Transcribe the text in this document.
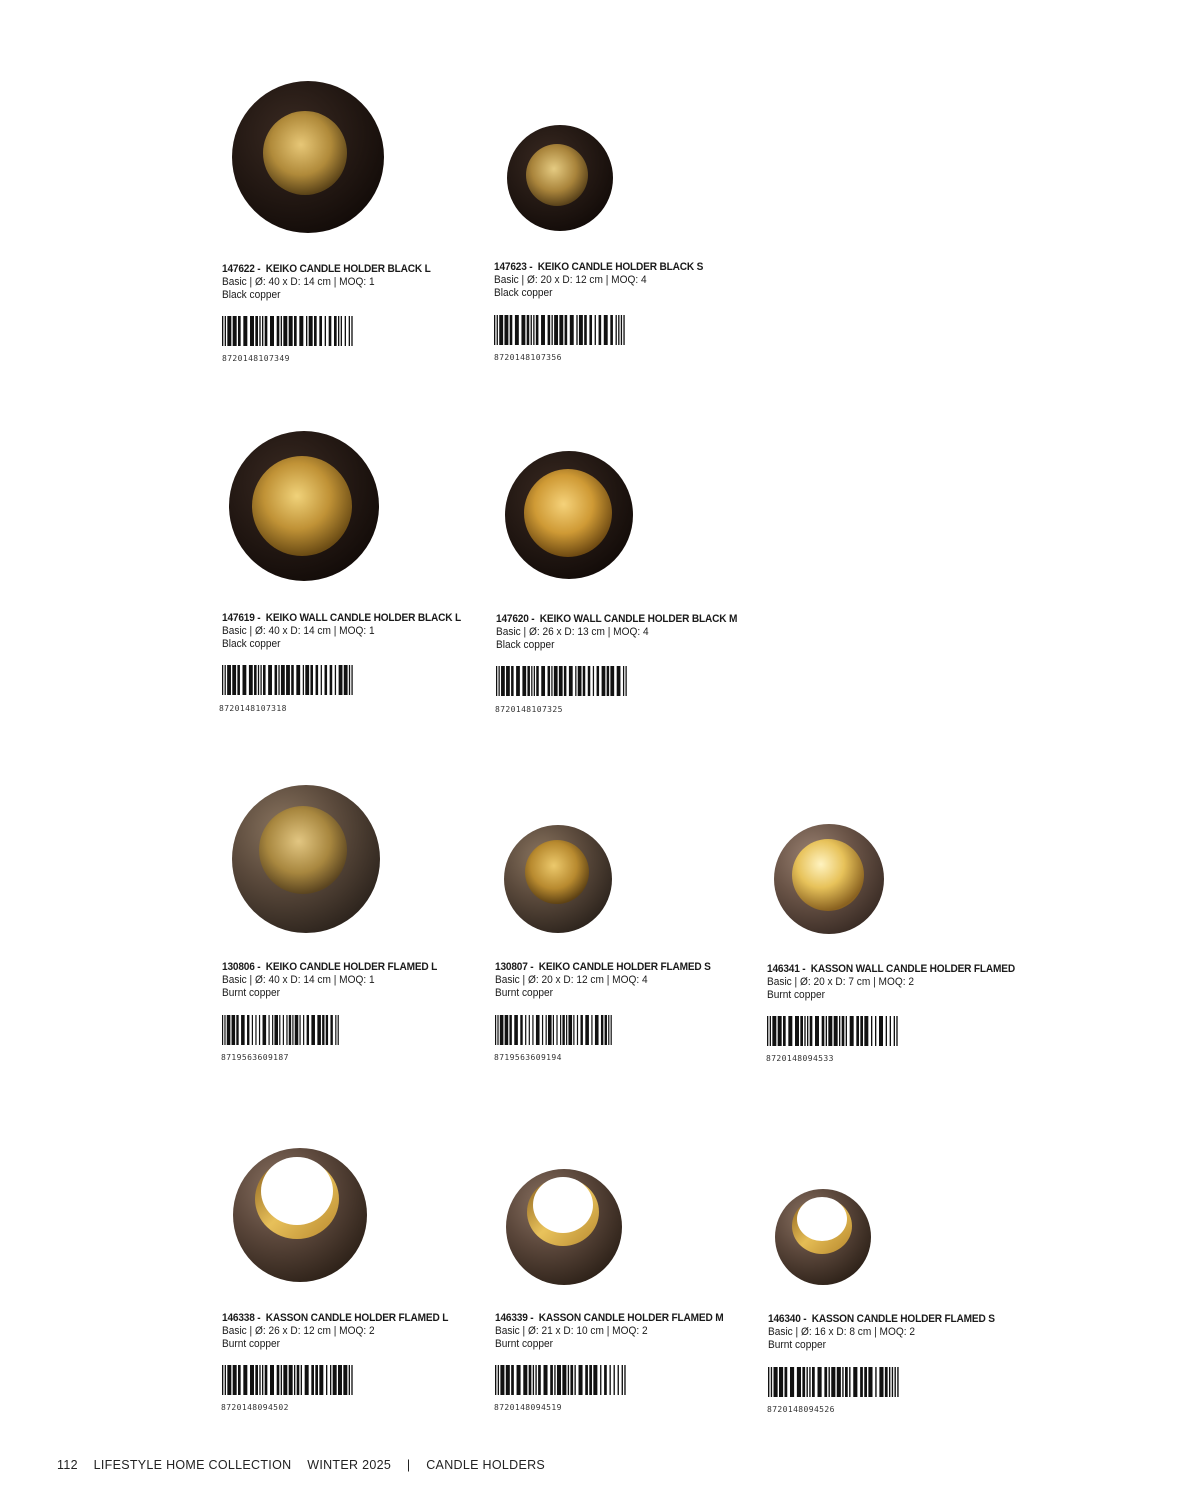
147622 -  KEIKO CANDLE HOLDER BLACK L
Basic | Ø: 40 x D: 14 cm | MOQ: 1
Black copper
8720148107349
147623 -  KEIKO CANDLE HOLDER BLACK S
Basic | Ø: 20 x D: 12 cm | MOQ: 4
Black copper
8720148107356
147619 -  KEIKO WALL CANDLE HOLDER BLACK L
Basic | Ø: 40 x D: 14 cm | MOQ: 1
Black copper
8720148107318
147620 -  KEIKO WALL CANDLE HOLDER BLACK M
Basic | Ø: 26 x D: 13 cm | MOQ: 4
Black copper
8720148107325
130806 -  KEIKO CANDLE HOLDER FLAMED L
Basic | Ø: 40 x D: 14 cm | MOQ: 1
Burnt copper
8719563609187
130807 -  KEIKO CANDLE HOLDER FLAMED S
Basic | Ø: 20 x D: 12 cm | MOQ: 4
Burnt copper
8719563609194
146341 -  KASSON WALL CANDLE HOLDER FLAMED
Basic | Ø: 20 x D: 7 cm | MOQ: 2
Burnt copper
8720148094533
146338 -  KASSON CANDLE HOLDER FLAMED L
Basic | Ø: 26 x D: 12 cm | MOQ: 2
Burnt copper
8720148094502
146339 -  KASSON CANDLE HOLDER FLAMED M
Basic | Ø: 21 x D: 10 cm | MOQ: 2
Burnt copper
8720148094519
146340 -  KASSON CANDLE HOLDER FLAMED S
Basic | Ø: 16 x D: 8 cm | MOQ: 2
Burnt copper
8720148094526
112 LIFESTYLE HOME COLLECTION WINTER 2025 | CANDLE HOLDERS
